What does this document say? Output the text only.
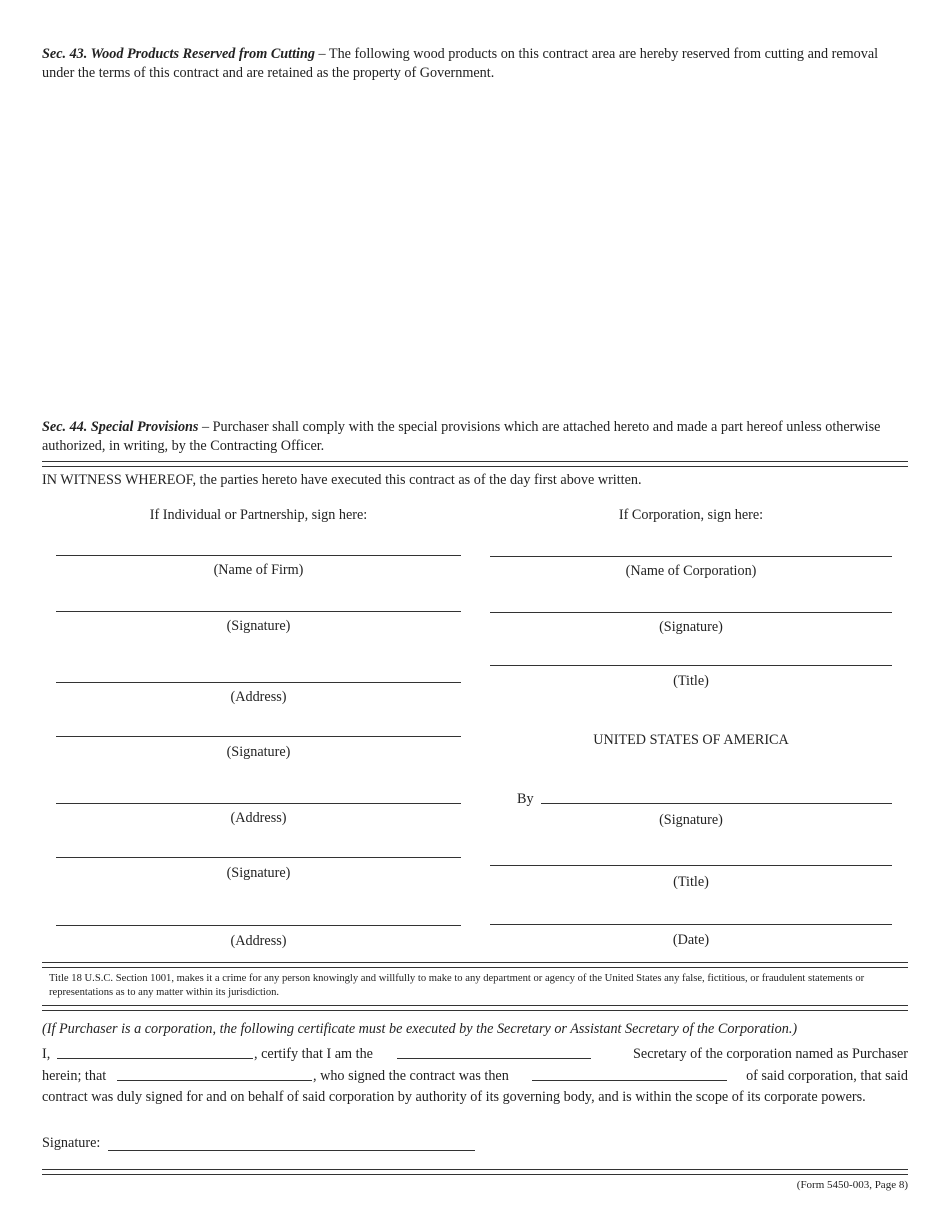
Sec. 43. Wood Products Reserved from Cutting – The following wood products on this contract area are hereby reserved from cutting and removal under the terms of this contract and are retained as the property of Government.
Sec. 44. Special Provisions – Purchaser shall comply with the special provisions which are attached hereto and made a part hereof unless otherwise authorized, in writing, by the Contracting Officer.
IN WITNESS WHEREOF, the parties hereto have executed this contract as of the day first above written.
If Individual or Partnership, sign here:	If Corporation, sign here:
(Name of Firm)
(Signature)
(Address)
(Signature)
(Address)
(Signature)
(Address)
(Name of Corporation)
(Signature)
(Title)
UNITED STATES OF AMERICA
By
(Signature)
(Title)
(Date)
Title 18 U.S.C. Section 1001, makes it a crime for any person knowingly and willfully to make to any department or agency of the United States any false, fictitious, or fraudulent statements or representations as to any matter within its jurisdiction.
(If Purchaser is a corporation, the following certificate must be executed by the Secretary or Assistant Secretary of the Corporation.)
I,	, certify that I am the	Secretary of the corporation named as Purchaser
herein; that	, who signed the contract was then	of said corporation, that said
contract was duly signed for and on behalf of said corporation by authority of its governing body, and is within the scope of its corporate powers.
Signature:
(Form 5450-003, Page 8)
